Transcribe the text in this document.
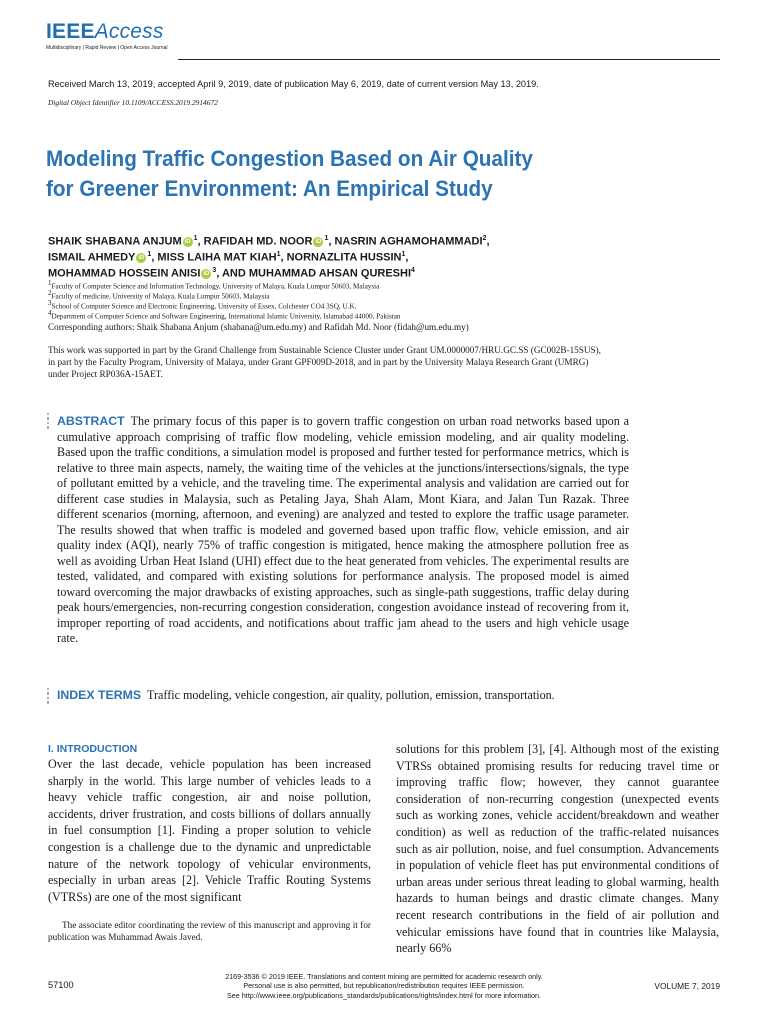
IEEEAccess
Multidisciplinary | Rapid Review | Open Access Journal
Received March 13, 2019, accepted April 9, 2019, date of publication May 6, 2019, date of current version May 13, 2019.
Digital Object Identifier 10.1109/ACCESS.2019.2914672
Modeling Traffic Congestion Based on Air Quality
for Greener Environment: An Empirical Study
SHAIK SHABANA ANJUM iD $^1$, RAFIDAH MD. NOOR iD $^1$, NASRIN AGHAMOHAMMADI$^2$,
ISMAIL AHMEDY iD $^1$, MISS LAIHA MAT KIAH$^1$, NORNAZLITA HUSSIN$^1$,
MOHAMMAD HOSSEIN ANISI iD $^3$, AND MUHAMMAD AHSAN QURESHI$^4$
$^1$Faculty of Computer Science and Information Technology, University of Malaya, Kuala Lumpur 50603, Malaysia
$^2$Faculty of medicine, University of Malaya, Kuala Lumpur 50603, Malaysia
$^3$School of Computer Science and Electronic Engineering, University of Essex, Colchester CO4 3SQ, U.K.
$^4$Department of Computer Science and Software Engineering, International Islamic University, Islamabad 44000, Pakistan
Corresponding authors: Shaik Shabana Anjum (shabana@um.edu.my) and Rafidah Md. Noor (fidah@um.edu.my)
This work was supported in part by the Grand Challenge from Sustainable Science Cluster under Grant UM.0000007/HRU.GC.SS (GC002B-15SUS), in part by the Faculty Program, University of Malaya, under Grant GPF009D-2018, and in part by the University Malaya Research Grant (UMRG) under Project RP036A-15AET.
ABSTRACT The primary focus of this paper is to govern traffic congestion on urban road networks based upon a cumulative approach comprising of traffic flow modeling, vehicle emission modeling, and air quality modeling. Based upon the traffic conditions, a simulation model is proposed and further tested for performance metrics, which is relative to three main aspects, namely, the waiting time of the vehicles at the junctions/intersections/signals, the type of pollutant emitted by a vehicle, and the traveling time. The experimental analysis and validation are carried out for different case studies in Malaysia, such as Petaling Jaya, Shah Alam, Mont Kiara, and Jalan Tun Razak. Three different scenarios (morning, afternoon, and evening) are analyzed and tested to explore the traffic usage parameter. The results showed that when traffic is modeled and governed based upon traffic flow, vehicle emission, and air quality index (AQI), nearly 75% of traffic congestion is mitigated, hence making the atmosphere pollution free as well as avoiding Urban Heat Island (UHI) effect due to the heat generated from vehicles. The experimental results are tested, validated, and compared with existing solutions for performance analysis. The proposed model is aimed toward overcoming the major drawbacks of existing approaches, such as single-path suggestions, traffic delay during peak hours/emergencies, non-recurring congestion consideration, congestion avoidance instead of recovering from it, improper reporting of road accidents, and notifications about traffic jam ahead to the users and high vehicle usage rate.
INDEX TERMS Traffic modeling, vehicle congestion, air quality, pollution, emission, transportation.
I. INTRODUCTION

Over the last decade, vehicle population has been increased sharply in the world. This large number of vehicles leads to a heavy vehicle traffic congestion, air and noise pollution, accidents, driver frustration, and costs billions of dollars annually in fuel consumption [1]. Finding a proper solution to vehicle congestion is a challenge due to the dynamic and unpredictable nature of the network topology of vehicular environments, especially in urban areas [2]. Vehicle Traffic Routing Systems (VTRSs) are one of the most significant

The associate editor coordinating the review of this manuscript and approving it for publication was Muhammad Awais Javed.

solutions for this problem [3], [4]. Although most of the existing VTRSs obtained promising results for reducing travel time or improving traffic flow; however, they cannot guarantee consideration of non-recurring congestion (unexpected events such as working zones, vehicle accident/breakdown and weather condition) as well as reduction of the traffic-related nuisances such as air pollution, noise, and fuel consumption. Advancements in population of vehicle fleet has put environmental conditions of urban areas under serious threat leading to global warming, health hazards to human beings and drastic climate changes. Many recent research contributions in the field of air pollution and vehicular emissions have found that in countries like Malaysia, nearly 66%

57100
2169-3536 © 2019 IEEE. Translations and content mining are permitted for academic research only.
Personal use is also permitted, but republication/redistribution requires IEEE permission.
See http://www.ieee.org/publications_standards/publications/rights/index.html for more information.
VOLUME 7, 2019
